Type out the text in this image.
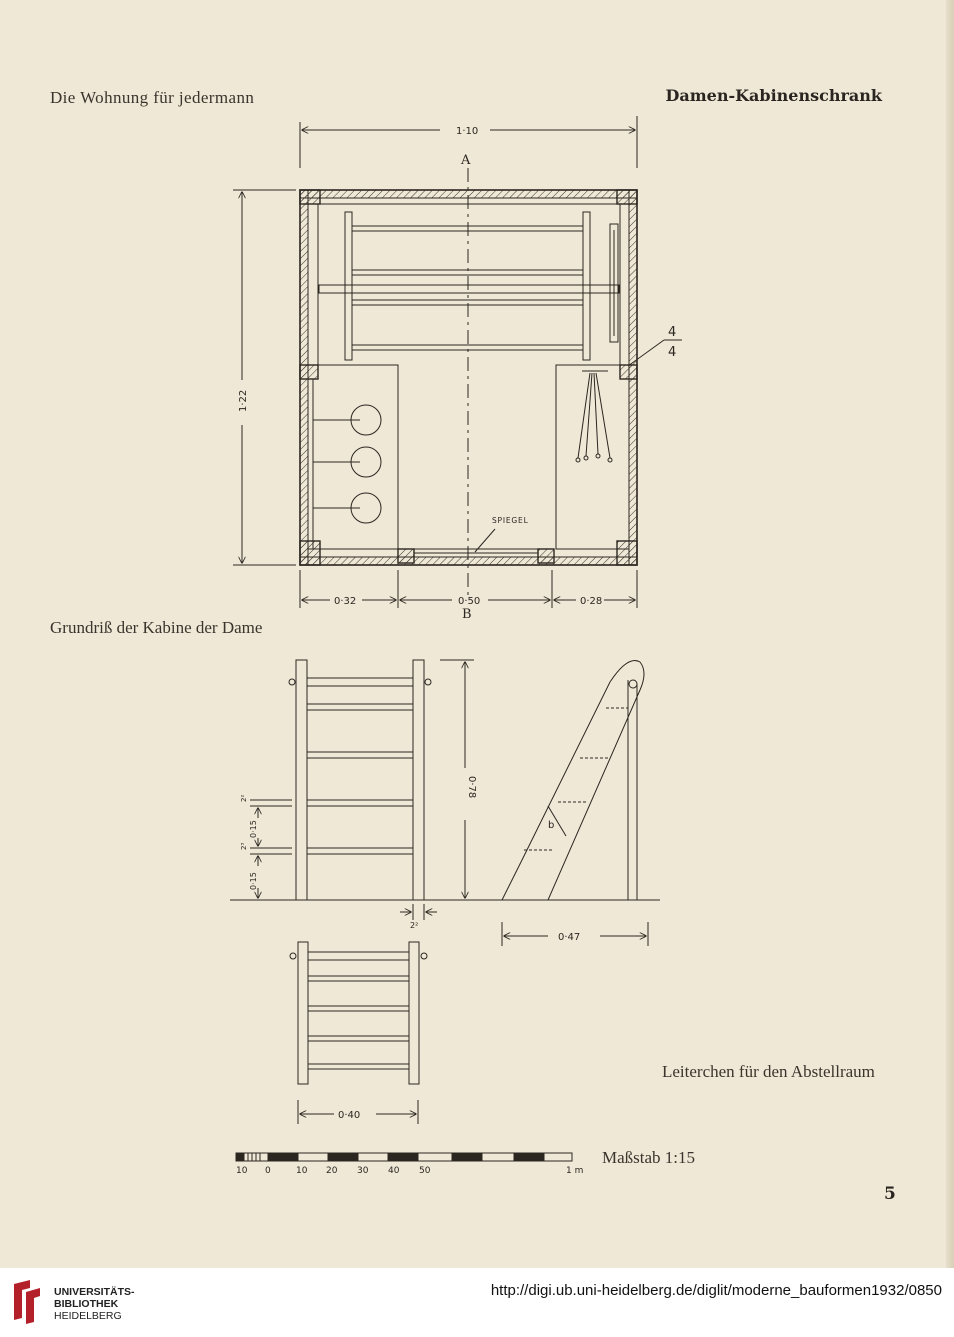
Die Wohnung für jedermann	Damen-Kabinenschrank
4
4
SPIEGEL
A
B
b
1·10
1·22
0·32	0·50	0·28
0·78
0·15
0·15
2²
2³
2²
0·47
0·40
10 0	10 20 30 40 50	1 m
Grundriß der Kabine der Dame
Leiterchen für den Abstellraum
Maßstab 1:15
5
UNIVERSITÄTS-
BIBLIOTHEK
HEIDELBERG
http://digi.ub.uni-heidelberg.de/diglit/moderne_bauformen1932/0850
